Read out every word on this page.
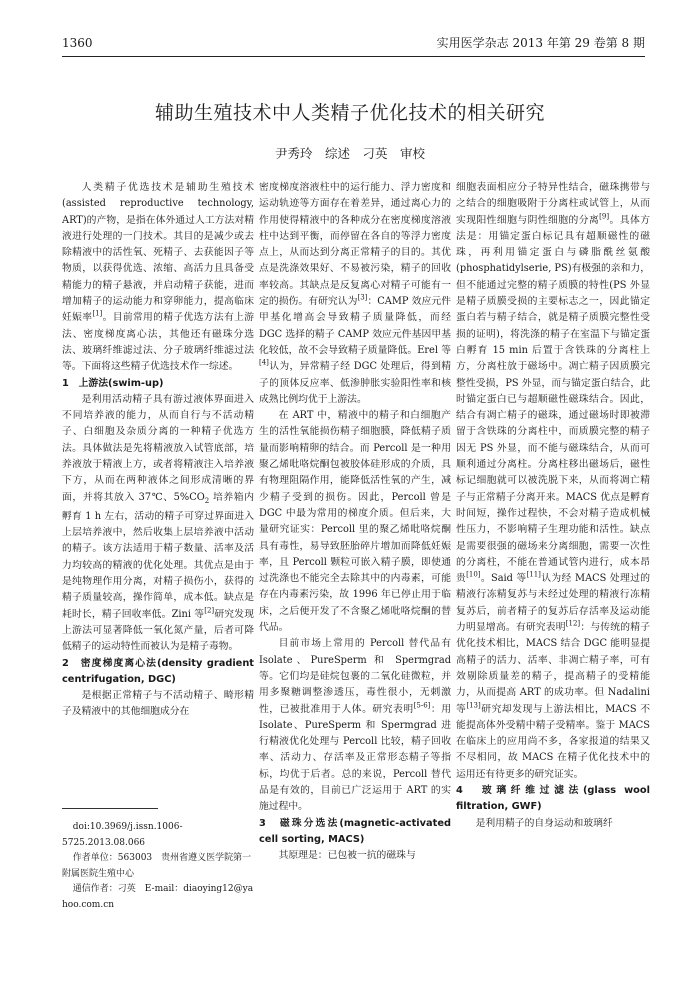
1360	实用医学杂志 2013 年第 29 卷第 8 期
辅助生殖技术中人类精子优化技术的相关研究
尹秀玲　综述　刁英　审校

人类精子优选技术是辅助生殖技术(assisted reproductive technology, ART)的产物，是指在体外通过人工方法对精液进行处理的一门技术。其目的是减少或去除精液中的活性氧、死精子、去获能因子等物质，以获得优选、浓缩、高活力且具备受精能力的精子悬液，并启动精子获能，进而增加精子的运动能力和穿卵能力，提高临床妊娠率[1]。目前常用的精子优选方法有上游法、密度梯度离心法，其他还有磁珠分选法、玻璃纤维滤过法、分子玻璃纤维滤过法等。下面将这些精子优选技术作一综述。

1　上游法(swim-up)

是利用活动精子具有游过液体界面进入不同培养液的能力，从而自行与不活动精子、白细胞及杂质分离的一种精子优选方法。具体做法是先将精液放入试管底部，培养液放于精液上方，或者将精液注入培养液下方，从而在两种液体之间形成清晰的界面，并将其放入 37℃、$5\%CO_2$ 培养箱内孵育 1 h 左右，活动的精子可穿过界面进入上层培养液中，然后收集上层培养液中活动的精子。该方法适用于精子数量、活率及活力均较高的精液的优化处理。其优点是由于是纯物理作用分离，对精子损伤小，获得的精子质量较高，操作简单，成本低。缺点是耗时长，精子回收率低。Zini 等[2]研究发现上游法可显著降低一氧化氮产量，后者可降低精子的运动特性而被认为是精子毒物。

2　密度梯度离心法(density gradient centrifugation, DGC)

是根据正常精子与不活动精子、畸形精子及精液中的其他细胞成分在

密度梯度溶液柱中的运行能力、浮力密度和运动轨迹等方面存在着差异，通过离心力的作用使得精液中的各种成分在密度梯度溶液柱中达到平衡，而停留在各自的等浮力密度点上，从而达到分离正常精子的目的。其优点是洗涤效果好、不易被污染，精子的回收率较高。其缺点是反复离心对精子可能有一定的损伤。有研究认为[3]：CAMP 效应元件甲基化增高会导致精子质量降低，而经 DGC 选择的精子 CAMP 效应元件基因甲基化较低，故不会导致精子质量降低。Erel 等[4]认为，异常精子经 DGC 处理后，得到精子的顶体反应率、低渗肿胀实验阳性率和核成熟比例均优于上游法。

在 ART 中，精液中的精子和白细胞产生的活性氧能损伤精子细胞膜，降低精子质量而影响精卵的结合。而 Percoll 是一种用聚乙烯吡咯烷酮包被胶体硅形成的介质，具有物理阻隔作用，能降低活性氧的产生，减少精子受到的损伤。因此，Percoll 曾是 DGC 中最为常用的梯度介质。但后来，大量研究证实：Percoll 里的聚乙烯吡咯烷酮具有毒性，易导致胚胎碎片增加而降低妊娠率，且 Percoll 颗粒可嵌入精子膜，即使通过洗涤也不能完全去除其中的内毒素，可能存在内毒素污染，故 1996 年已停止用于临床，之后便开发了不含聚乙烯吡咯烷酮的替代品。

目前市场上常用的 Percoll 替代品有 Isolate、PureSperm 和 Spermgrad 等。它们均是硅烷包裹的二氧化硅微粒，并用多聚糖调整渗透压，毒性很小，无刺激性，已被批准用于人体。研究表明[5-6]：用 Isolate、PureSperm 和 Spermgrad 进行精液优化处理与 Percoll 比较，精子回收率、活动力、存活率及正常形态精子等指标，均优于后者。总的来说，Percoll 替代品是有效的，目前已广泛运用于 ART 的实施过程中。

3　磁珠分选法(magnetic-activated cell sorting, MACS)

其原理是：已包被一抗的磁珠与

细胞表面相应分子特异性结合，磁珠携带与之结合的细胞吸附于分离柱或试管上，从而实现阳性细胞与阴性细胞的分离[9]。具体方法是：用锚定蛋白标记具有超顺磁性的磁珠，再利用锚定蛋白与磷脂酰丝氨酸(phosphatidylserie, PS)有极强的亲和力，但不能通过完整的精子质膜的特性(PS 外显是精子质膜受损的主要标志之一，因此锚定蛋白若与精子结合，就是精子质膜完整性受损的证明)，将洗涤的精子在室温下与锚定蛋白孵育 15 min 后置于含铁珠的分离柱上方，分离柱放于磁场中。凋亡精子因质膜完整性受损，PS 外显，而与锚定蛋白结合，此时锚定蛋白已与超顺磁性磁珠结合。因此，结合有凋亡精子的磁珠，通过磁场时即被滞留于含铁珠的分离柱中，而质膜完整的精子因无 PS 外显，而不能与磁珠结合，从而可顺利通过分离柱。分离柱移出磁场后，磁性标记细胞就可以被洗脱下来，从而将凋亡精子与正常精子分离开来。MACS 优点是孵育时间短，操作过程快，不会对精子造成机械性压力，不影响精子生理功能和活性。缺点是需要很强的磁场来分离细胞，需要一次性的分离柱，不能在普通试管内进行，成本昂贵[10]。Said 等[11]认为经 MACS 处理过的精液行冻精复苏与未经过处理的精液行冻精复苏后，前者精子的复苏后存活率及运动能力明显增高。有研究表明[12]：与传统的精子优化技术相比，MACS 结合 DGC 能明显提高精子的活力、活率、非凋亡精子率，可有效剔除质量差的精子，提高精子的受精能力，从而提高 ART 的成功率。但 Nadalini 等[13]研究却发现与上游法相比，MACS 不能提高体外受精中精子受精率。鉴于 MACS 在临床上的应用尚不多，各家报道的结果又不尽相同，故 MACS 在精子优化技术中的运用还有待更多的研究证实。

4　玻璃纤维过滤法(glass wool filtration, GWF)

是利用精子的自身运动和玻璃纤

doi:10.3969/j.issn.1006-5725.2013.08.066
作者单位：563003　贵州省遵义医学院第一附属医院生殖中心
通信作者：刁英　E-mail：diaoying12@yahoo.com.cn
